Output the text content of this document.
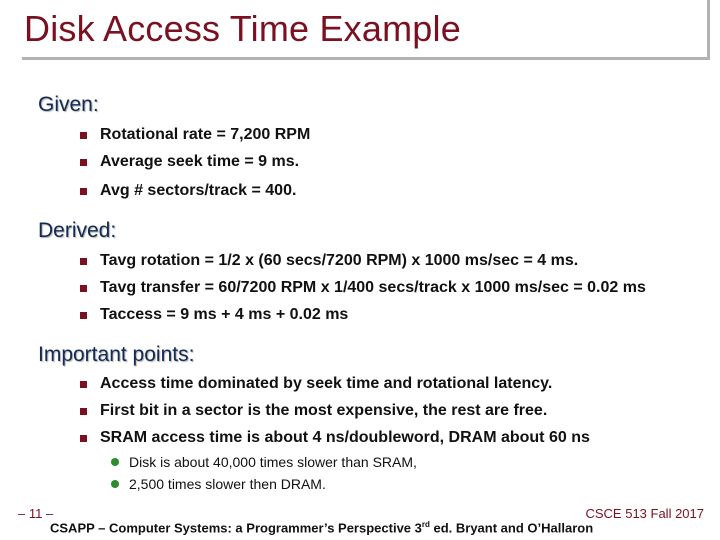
Disk Access Time Example
Given:
Rotational rate = 7,200 RPM
Average seek time = 9 ms.
Avg # sectors/track = 400.
Derived:
Tavg rotation = 1/2 x (60 secs/7200 RPM) x 1000 ms/sec = 4 ms.
Tavg transfer = 60/7200 RPM x 1/400 secs/track x 1000 ms/sec = 0.02 ms
Taccess = 9 ms + 4 ms + 0.02 ms
Important points:
Access time dominated by seek time and rotational latency.
First bit in a sector is the most expensive, the rest are free.
SRAM access time is about 4 ns/doubleword, DRAM about 60 ns
Disk is about 40,000 times slower than SRAM,
2,500 times slower then DRAM.
– 11 –	CSCE 513 Fall 2017
CSAPP – Computer Systems: a Programmer’s Perspective 3rd ed. Bryant and O’Hallaron
